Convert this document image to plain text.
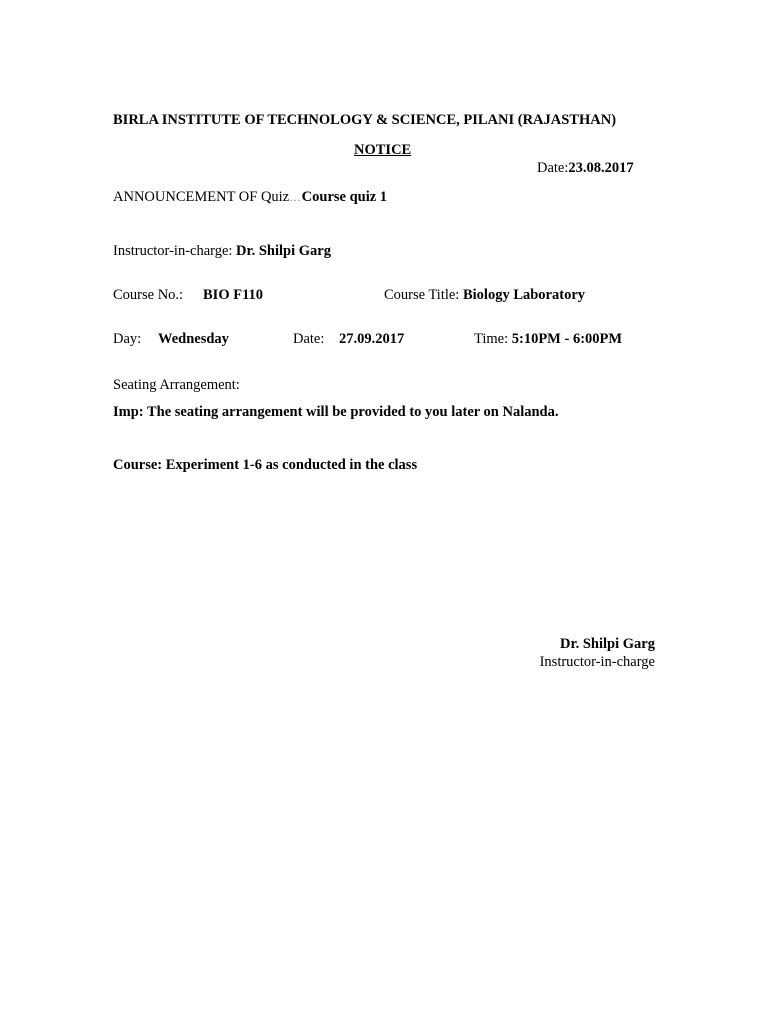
BIRLA INSTITUTE OF TECHNOLOGY & SCIENCE, PILANI (RAJASTHAN)
NOTICE
Date:23.08.2017
ANNOUNCEMENT OF Quiz…Course quiz 1
Instructor-in-charge: Dr. Shilpi Garg
Course No.: BIO F110	Course Title: Biology Laboratory
Day: Wednesday	Date: 27.09.2017	Time: 5:10PM - 6:00PM
Seating Arrangement:
Imp: The seating arrangement will be provided to you later on Nalanda.
Course: Experiment 1-6 as conducted in the class
Dr. Shilpi Garg
Instructor-in-charge
